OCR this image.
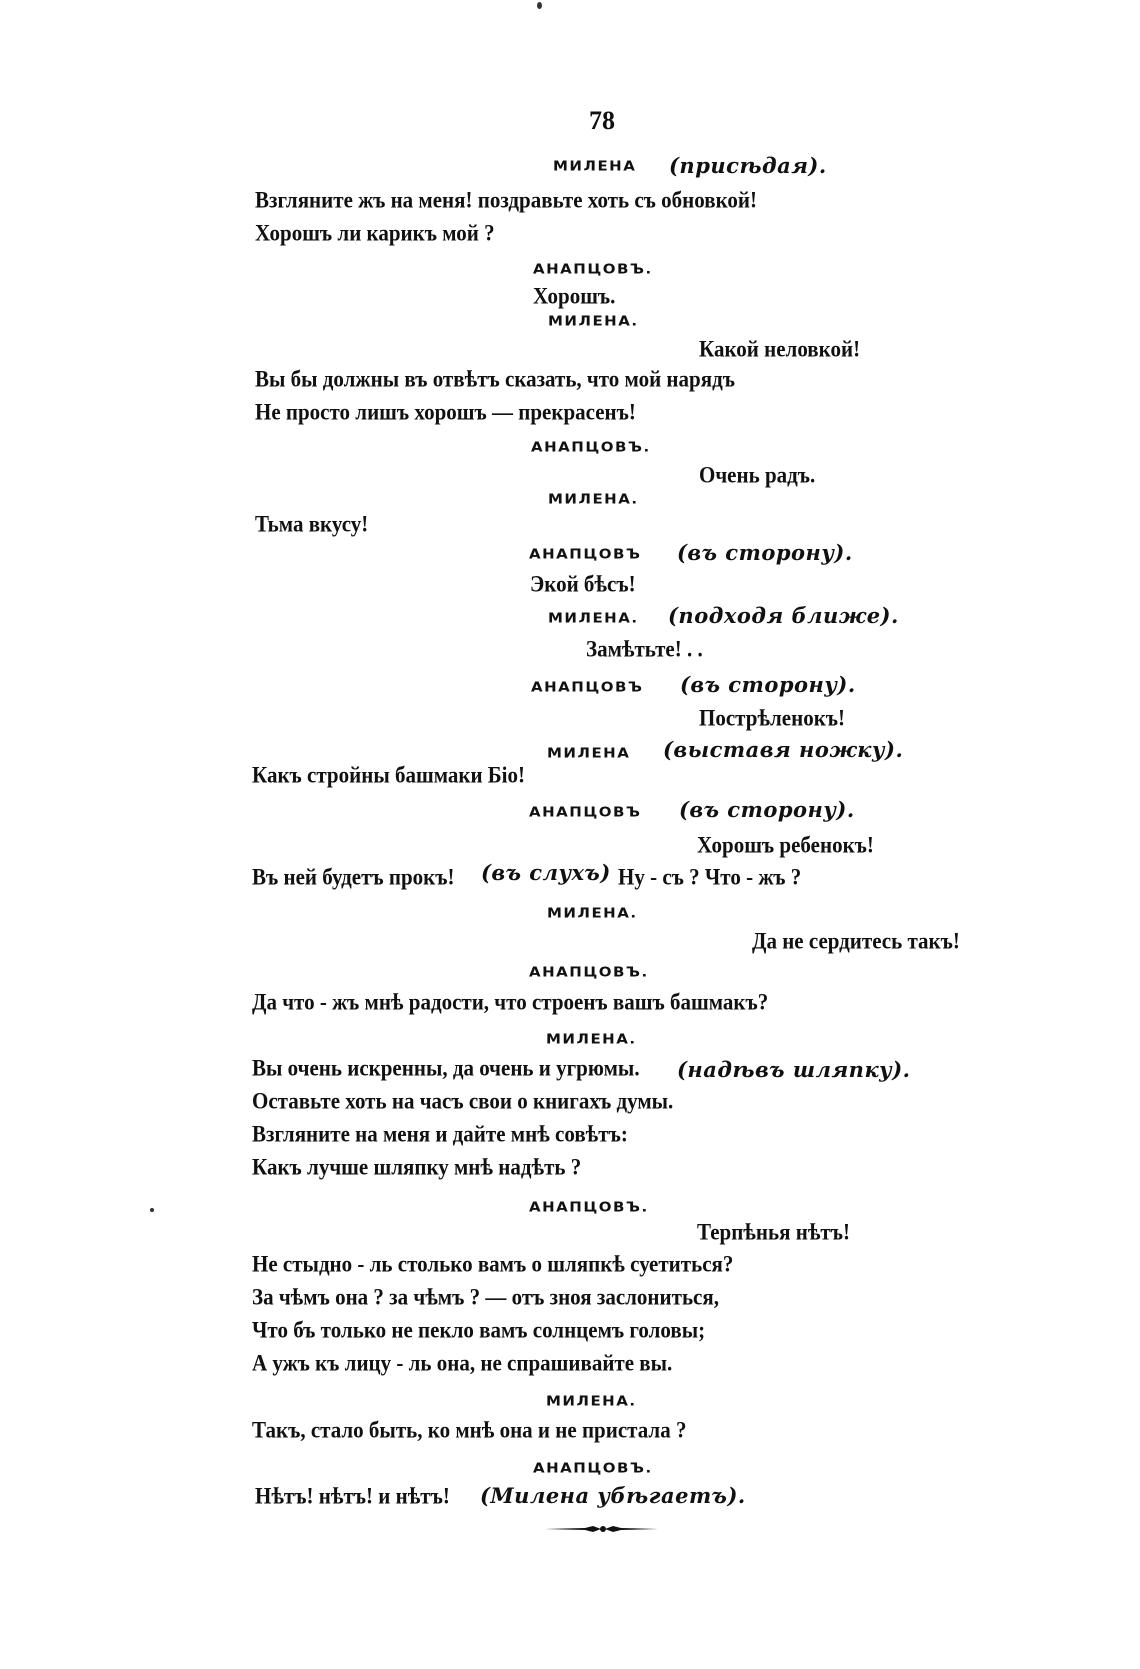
78
МИЛЕНА (присѣдая).
Взгляните жъ на меня! поздравьте хоть съ обновкой!
Хорошъ ли карикъ мой ?
АНАПЦОВЪ.
Хорошъ.
МИЛЕНА.
Какой неловкой!
Вы бы должны въ отвѣтъ сказать, что мой нарядъ
Не просто лишъ хорошъ — прекрасенъ!
АНАПЦОВЪ.
Очень радъ.
МИЛЕНА.
Тьма вкусу!
АНАПЦОВЪ (въ сторону).
Экой бѣсъ!
МИЛЕНА. (подходя ближе).
Замѣтьте! . .
АНАПЦОВЪ (въ сторону).
Пострѣленокъ!
МИЛЕНА (выставя ножку).
Какъ стройны башмаки Біо!
АНАПЦОВЪ (въ сторону).
Хорошъ ребенокъ!
Въ ней будетъ прокъ! (въ слухъ) Ну - съ ? Что - жъ ?
МИЛЕНА.
Да не сердитесь такъ!
АНАПЦОВЪ.
Да что - жъ мнѣ радости, что строенъ вашъ башмакъ?
МИЛЕНА.
Вы очень искренны, да очень и угрюмы. (надѣвъ шляпку).
Оставьте хоть на часъ свои о книгахъ думы.
Взгляните на меня и дайте мнѣ совѣтъ:
Какъ лучше шляпку мнѣ надѣть ?
АНАПЦОВЪ.
Терпѣнья нѣтъ!
Не стыдно - ль столько вамъ о шляпкѣ суетиться?
За чѣмъ она ? за чѣмъ ? — отъ зноя заслониться,
Что бъ только не пекло вамъ солнцемъ головы;
А ужъ къ лицу - ль она, не спрашивайте вы.
МИЛЕНА.
Такъ, стало быть, ко мнѣ она и не пристала ?
АНАПЦОВЪ.
Нѣтъ! нѣтъ! и нѣтъ! (Милена убѣгаетъ).
